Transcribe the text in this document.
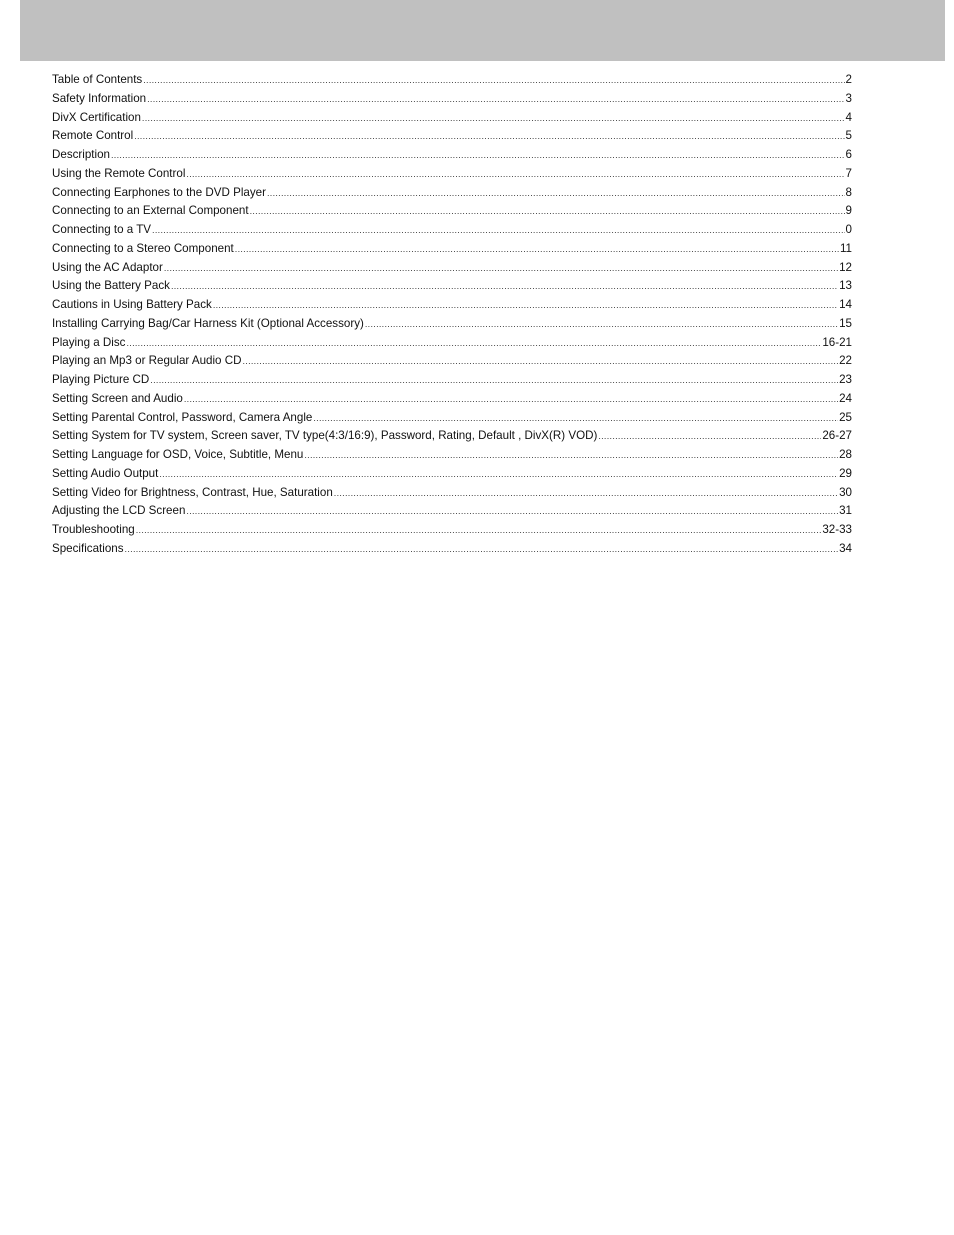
Table of Contents .....	2
Safety Information .....	3
DivX Certification .....	4
Remote Control .....	5
Description .....	6
Using the Remote Control .....	7
Connecting Earphones to the DVD Player .....	8
Connecting to an External Component .....	9
Connecting to a TV .....	0
Connecting to a Stereo Component .....	11
Using the AC Adaptor .....	12
Using the Battery Pack .....	13
Cautions in Using Battery Pack .....	14
Installing Carrying Bag/Car Harness Kit (Optional Accessory) .....	15
Playing a Disc .....	16-21
Playing an Mp3 or Regular Audio CD .....	22
Playing Picture CD .....	23
Setting Screen and Audio .....	24
Setting Parental Control, Password, Camera Angle .....	25
Setting System for TV system, Screen saver, TV type(4:3/16:9), Password, Rating, Default , DivX(R) VOD) .....	26-27
Setting Language for OSD, Voice, Subtitle, Menu .....	28
Setting Audio Output .....	29
Setting Video for Brightness, Contrast, Hue, Saturation .....	30
Adjusting the LCD Screen .....	31
Troubleshooting .....	32-33
Specifications .....	34
